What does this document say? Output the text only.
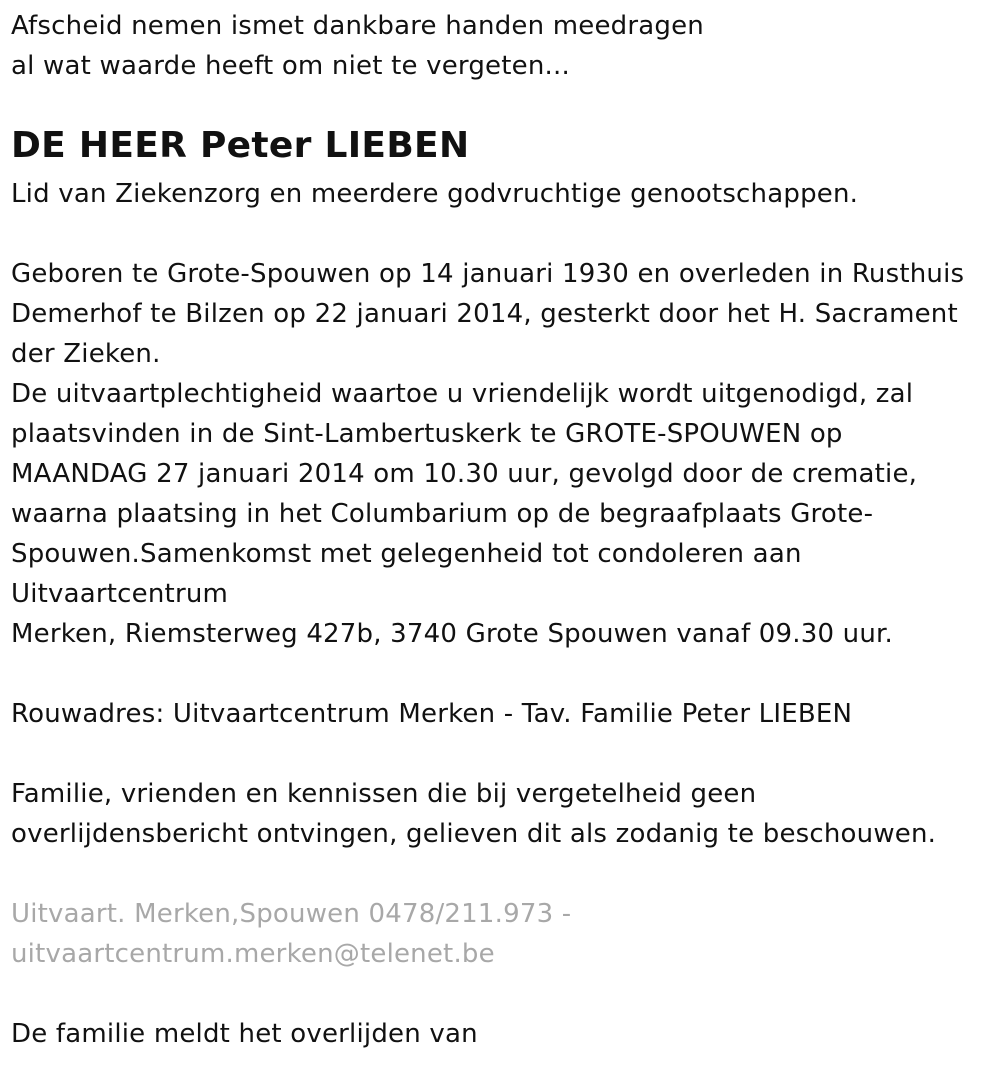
Afscheid nemen ismet dankbare handen meedragen
al wat waarde heeft om niet te vergeten...
DE HEER Peter LIEBEN
Lid van Ziekenzorg en meerdere godvruchtige genootschappen.
Geboren te Grote-Spouwen op 14 januari 1930 en overleden in Rusthuis
Demerhof te Bilzen op 22 januari 2014, gesterkt door het H. Sacrament
der Zieken.
De uitvaartplechtigheid waartoe u vriendelijk wordt uitgenodigd, zal
plaatsvinden in de Sint-Lambertuskerk te GROTE-SPOUWEN op
MAANDAG 27 januari 2014 om 10.30 uur, gevolgd door de crematie,
waarna plaatsing in het Columbarium op de begraafplaats Grote-
Spouwen.Samenkomst met gelegenheid tot condoleren aan
Uitvaartcentrum
Merken, Riemsterweg 427b, 3740 Grote Spouwen vanaf 09.30 uur.
Rouwadres: Uitvaartcentrum Merken - Tav. Familie Peter LIEBEN
Familie, vrienden en kennissen die bij vergetelheid geen
overlijdensbericht ontvingen, gelieven dit als zodanig te beschouwen.
Uitvaart. Merken,Spouwen 0478/211.973 -
uitvaartcentrum.merken@telenet.be
De familie meldt het overlijden van
